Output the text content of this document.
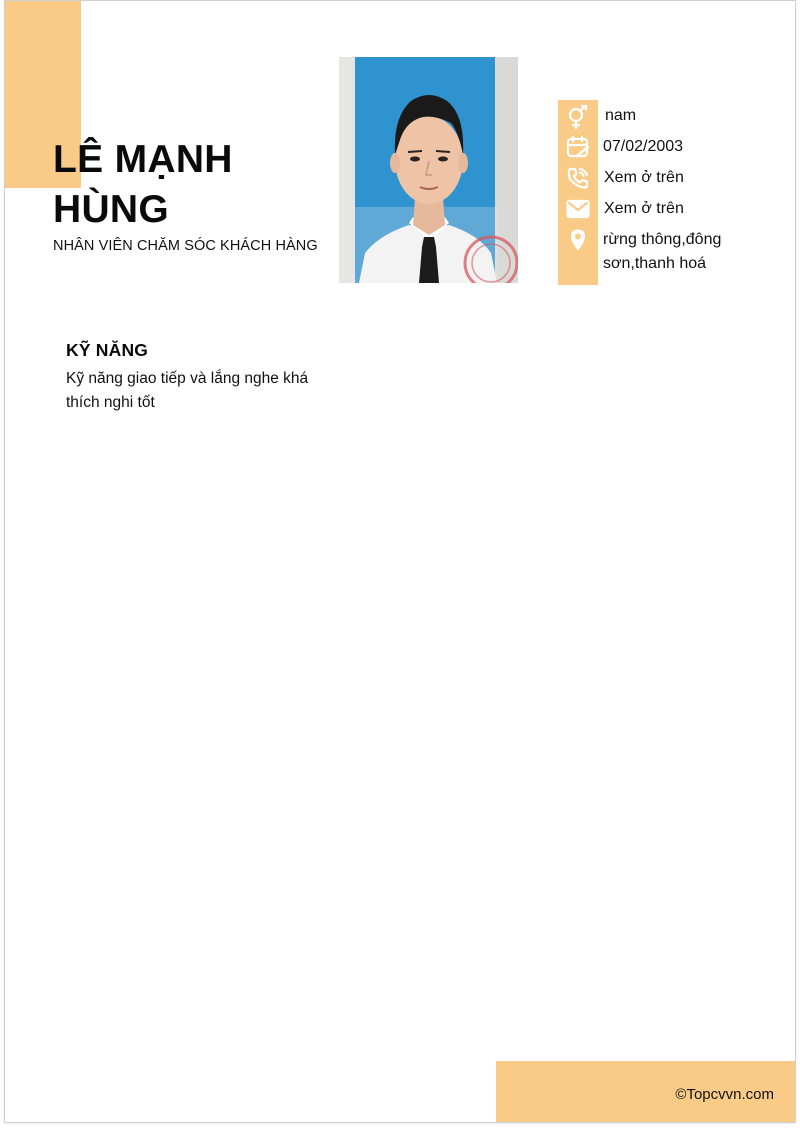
LÊ MẠNH HÙNG
NHÂN VIÊN CHĂM SÓC KHÁCH HÀNG
nam
07/02/2003
Xem ở trên
Xem ở trên
rừng thông,đông sơn,thanh hoá
KỸ NĂNG
Kỹ năng giao tiếp và lắng nghe khá thích nghi tốt
©Topcvvn.com
